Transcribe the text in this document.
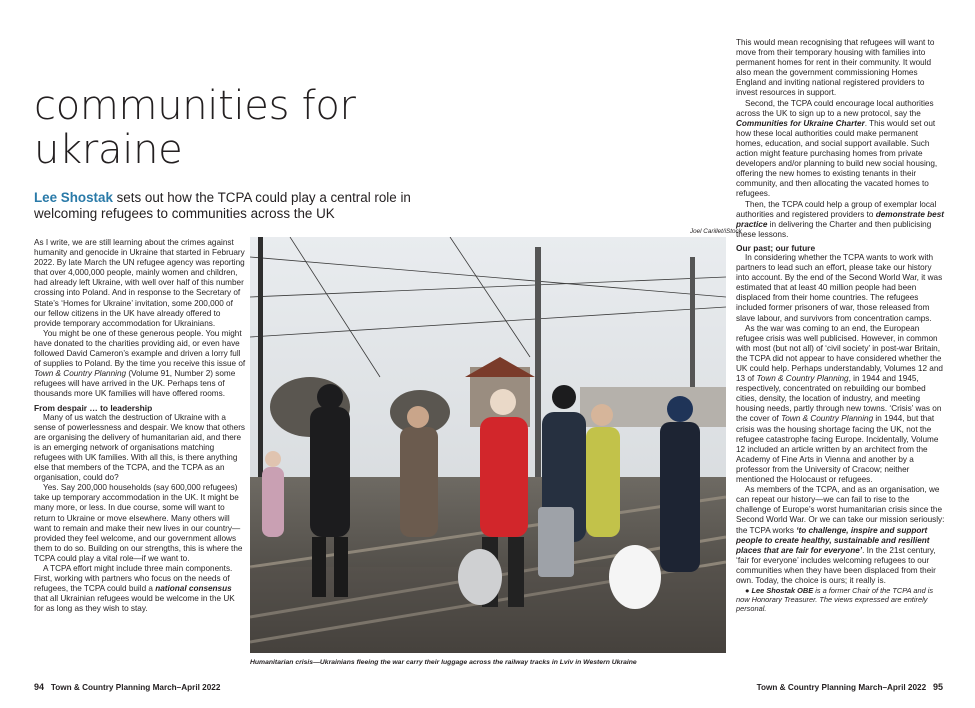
communities for ukraine

Lee Shostak sets out how the TCPA could play a central role in welcoming refugees to communities across the UK

As I write, we are still learning about the crimes against humanity and genocide in Ukraine that started in February 2022. By late March the UN refugee agency was reporting that over 4,000,000 people, mainly women and children, had already left Ukraine, with well over half of this number crossing into Poland. And in response to the Secretary of State’s ‘Homes for Ukraine’ invitation, some 200,000 of our fellow citizens in the UK have already offered to provide temporary accommodation for Ukrainians.

You might be one of these generous people. You might have donated to the charities providing aid, or even have followed David Cameron’s example and driven a lorry full of supplies to Poland. By the time you receive this issue of Town & Country Planning (Volume 91, Number 2) some refugees will have arrived in the UK. Perhaps tens of thousands more UK families will have offered rooms.

From despair … to leadership

Many of us watch the destruction of Ukraine with a sense of powerlessness and despair. We know that others are organising the delivery of humanitarian aid, and there is an emerging network of organisations matching refugees with UK families. With all this, is there anything else that members of the TCPA, and the TCPA as an organisation, could do?

Yes. Say 200,000 households (say 600,000 refugees) take up temporary accommodation in the UK. It might be many more, or less. In due course, some will want to return to Ukraine or move elsewhere. Many others will want to remain and make their new lives in our country—provided they feel welcome, and our government allows them to do so. Building on our strengths, this is where the TCPA could play a vital role—if we want to.

A TCPA effort might include three main components. First, working with partners who focus on the needs of refugees, the TCPA could build a national consensus that all Ukrainian refugees would be welcome in the UK for as long as they wish to stay.

Joel Carillet/iStock

Humanitarian crisis—Ukrainians fleeing the war carry their luggage across the railway tracks in Lviv in Western Ukraine

This would mean recognising that refugees will want to move from their temporary housing with families into permanent homes for rent in their community. It would also mean the government commissioning Homes England and inviting national registered providers to invest resources in support.

Second, the TCPA could encourage local authorities across the UK to sign up to a new protocol, say the Communities for Ukraine Charter. This would set out how these local authorities could make permanent homes, education, and social support available. Such action might feature purchasing homes from private developers and/or planning to build new social housing, offering the new homes to existing tenants in their community, and then allocating the vacated homes to refugees.

Then, the TCPA could help a group of exemplar local authorities and registered providers to demonstrate best practice in delivering the Charter and then publicising these lessons.

Our past; our future

In considering whether the TCPA wants to work with partners to lead such an effort, please take our history into account. By the end of the Second World War, it was estimated that at least 40 million people had been displaced from their home countries. The refugees included former prisoners of war, those released from slave labour, and survivors from concentration camps.

As the war was coming to an end, the European refugee crisis was well publicised. However, in common with most (but not all) of ‘civil society’ in post-war Britain, the TCPA did not appear to have considered whether the UK could help. Perhaps understandably, Volumes 12 and 13 of Town & Country Planning, in 1944 and 1945, respectively, concentrated on rebuilding our bombed cities, density, the location of industry, and meeting housing needs, partly through new towns. ‘Crisis’ was on the cover of Town & Country Planning in 1944, but that crisis was the housing shortage facing the UK, not the refugee catastrophe facing Europe. Incidentally, Volume 12 included an article written by an architect from the Academy of Fine Arts in Vienna and another by a professor from the University of Cracow; neither mentioned the Holocaust or refugees.

As members of the TCPA, and as an organisation, we can repeat our history—we can fail to rise to the challenge of Europe’s worst humanitarian crisis since the Second World War. Or we can take our mission seriously: the TCPA works ‘to challenge, inspire and support people to create healthy, sustainable and resilient places that are fair for everyone’. In the 21st century, ‘fair for everyone’ includes welcoming refugees to our communities when they have been displaced from their own. Today, the choice is ours; it really is.

● Lee Shostak OBE is a former Chair of the TCPA and is now Honorary Treasurer. The views expressed are entirely personal.

94 Town & Country Planning March–April 2022	Town & Country Planning March–April 2022 95
